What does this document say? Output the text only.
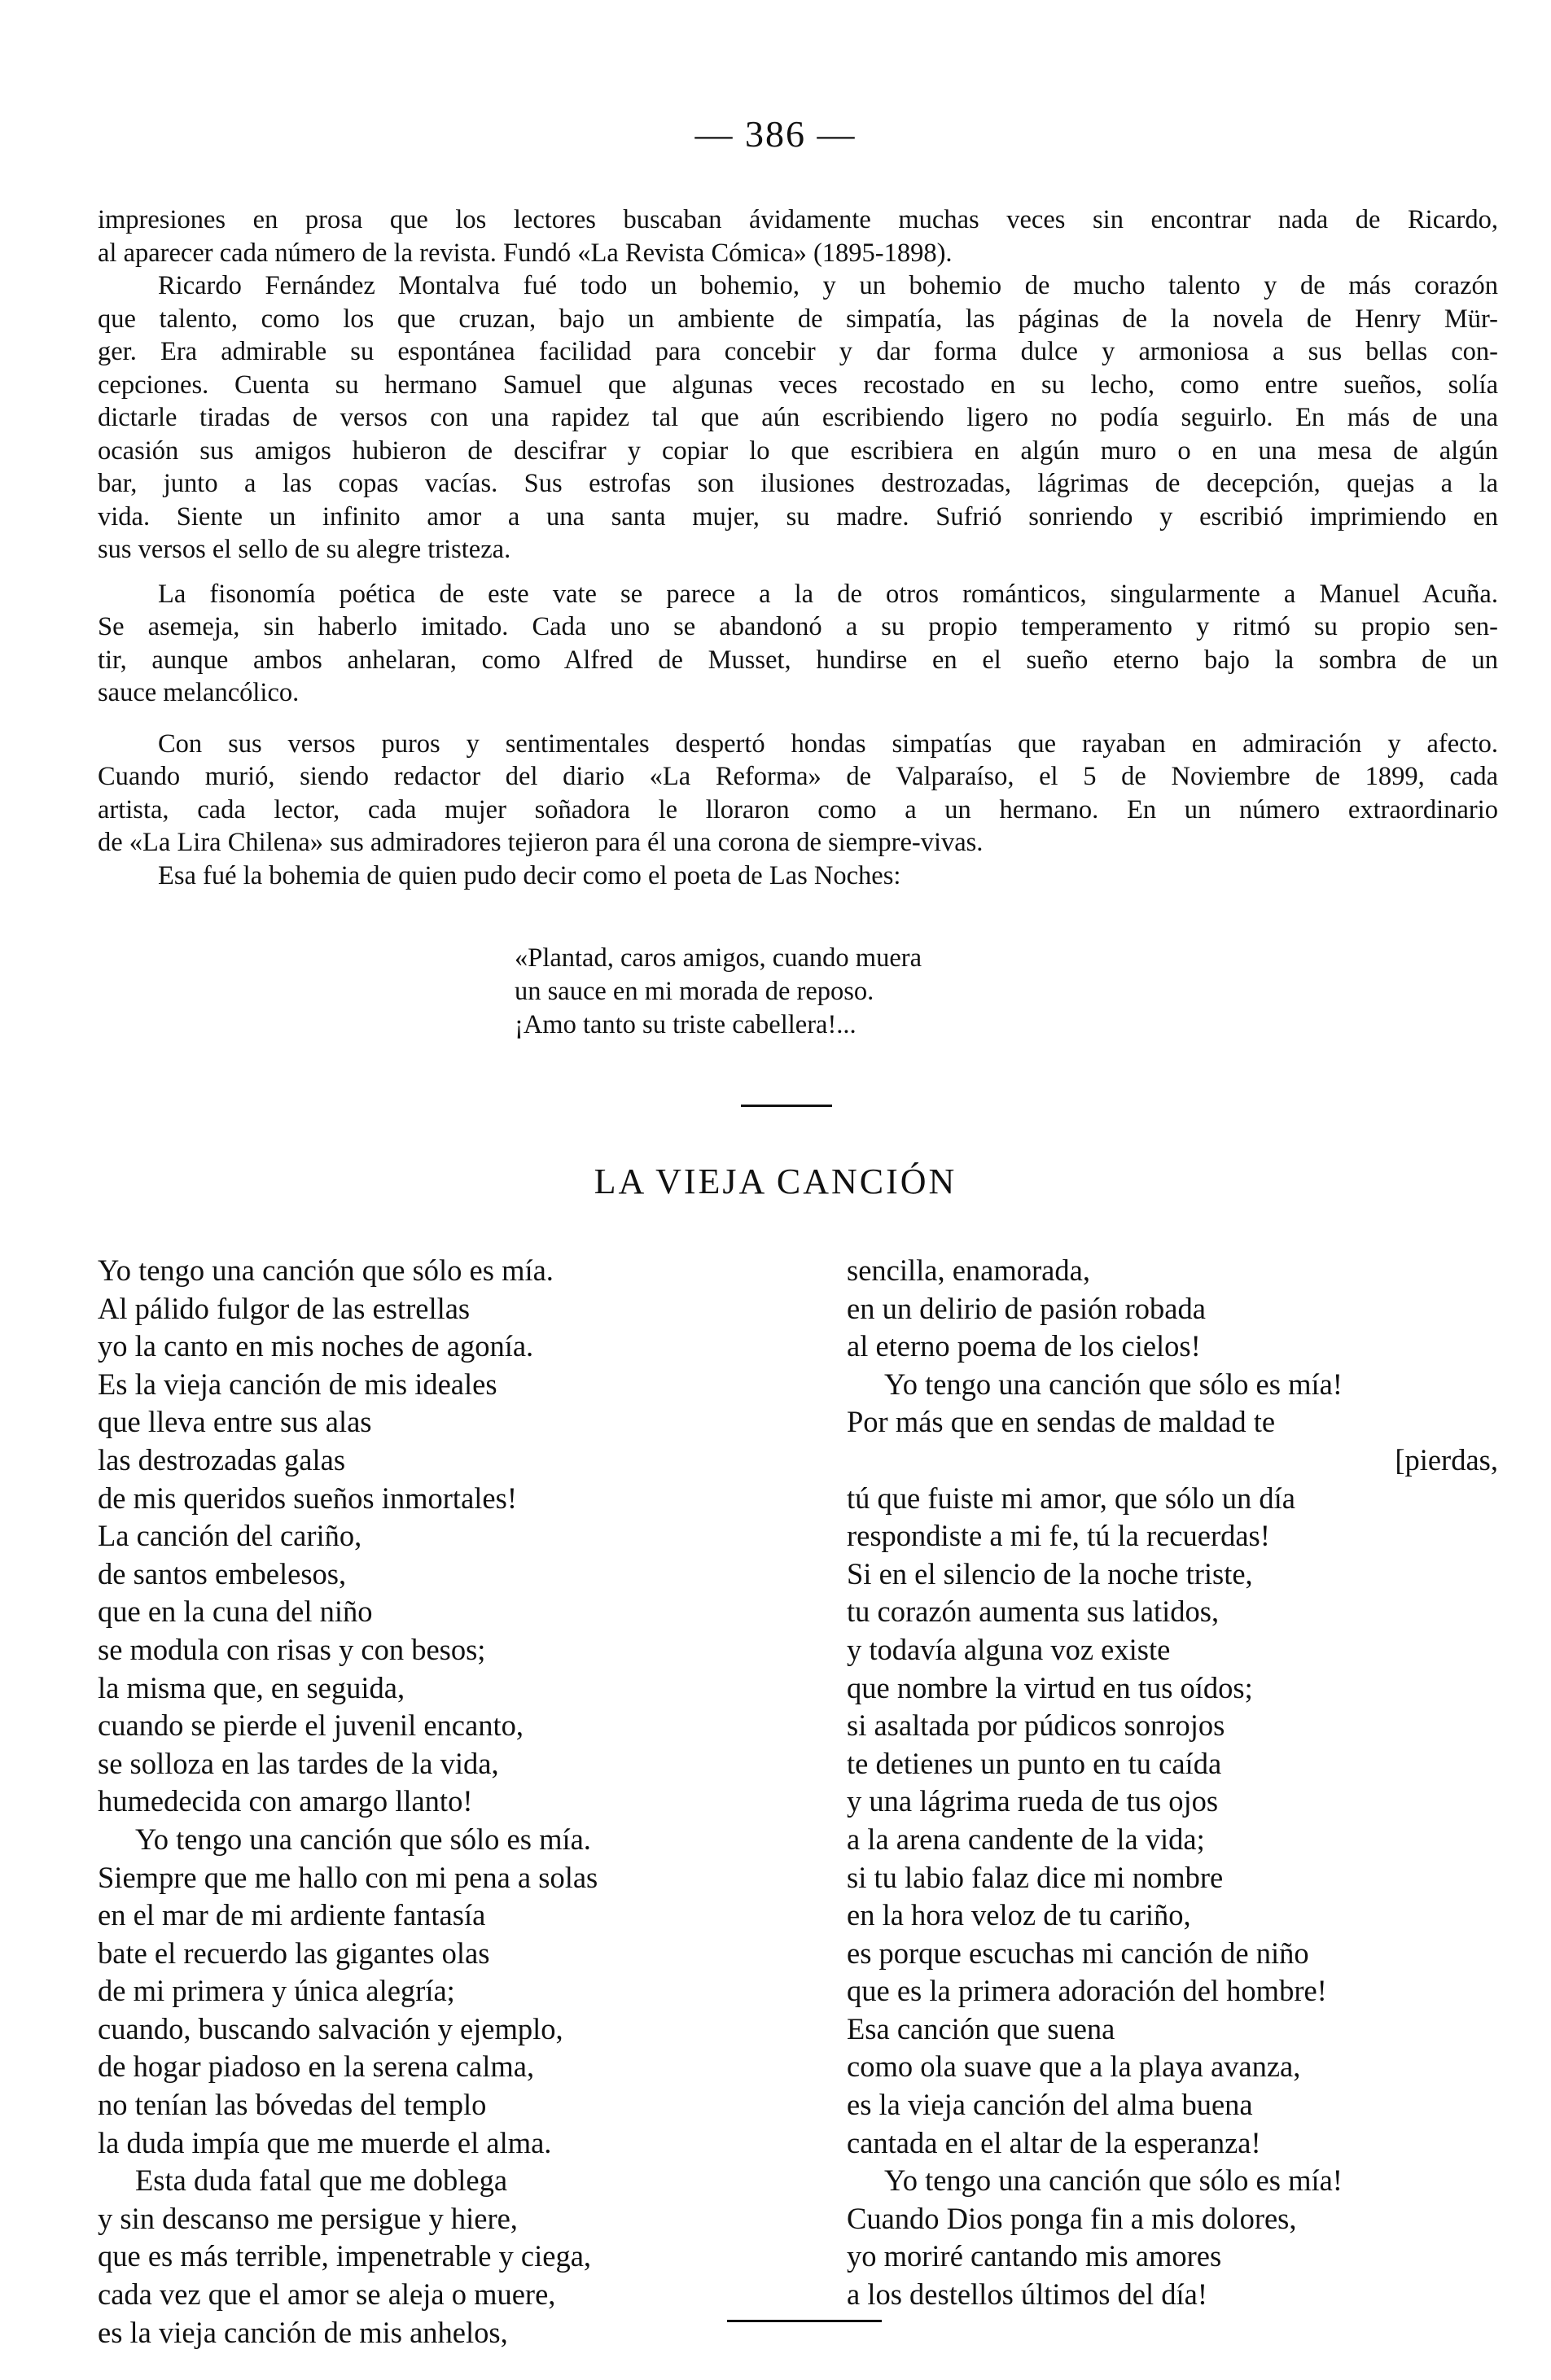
— 386 —
impresiones en prosa que los lectores buscaban ávidamente muchas veces sin encontrar nada de Ricardo,
al aparecer cada número de la revista. Fundó «La Revista Cómica» (1895-1898).
Ricardo Fernández Montalva fué todo un bohemio, y un bohemio de mucho talento y de más corazón
que talento, como los que cruzan, bajo un ambiente de simpatía, las páginas de la novela de Henry Mür-
ger. Era admirable su espontánea facilidad para concebir y dar forma dulce y armoniosa a sus bellas con-
cepciones. Cuenta su hermano Samuel que algunas veces recostado en su lecho, como entre sueños, solía
dictarle tiradas de versos con una rapidez tal que aún escribiendo ligero no podía seguirlo. En más de una
ocasión sus amigos hubieron de descifrar y copiar lo que escribiera en algún muro o en una mesa de algún
bar, junto a las copas vacías. Sus estrofas son ilusiones destrozadas, lágrimas de decepción, quejas a la
vida. Siente un infinito amor a una santa mujer, su madre. Sufrió sonriendo y escribió imprimiendo en
sus versos el sello de su alegre tristeza.
La fisonomía poética de este vate se parece a la de otros románticos, singularmente a Manuel Acuña.
Se asemeja, sin haberlo imitado. Cada uno se abandonó a su propio temperamento y ritmó su propio sen-
tir, aunque ambos anhelaran, como Alfred de Musset, hundirse en el sueño eterno bajo la sombra de un
sauce melancólico.
Con sus versos puros y sentimentales despertó hondas simpatías que rayaban en admiración y afecto.
Cuando murió, siendo redactor del diario «La Reforma» de Valparaíso, el 5 de Noviembre de 1899, cada
artista, cada lector, cada mujer soñadora le lloraron como a un hermano. En un número extraordinario
de «La Lira Chilena» sus admiradores tejieron para él una corona de siempre-vivas.
Esa fué la bohemia de quien pudo decir como el poeta de Las Noches:
«Plantad, caros amigos, cuando muera
un sauce en mi morada de reposo.
¡Amo tanto su triste cabellera!...
LA VIEJA CANCIÓN
Yo tengo una canción que sólo es mía.
Al pálido fulgor de las estrellas
yo la canto en mis noches de agonía.
Es la vieja canción de mis ideales
que lleva entre sus alas
las destrozadas galas
de mis queridos sueños inmortales!
La canción del cariño,
de santos embelesos,
que en la cuna del niño
se modula con risas y con besos;
la misma que, en seguida,
cuando se pierde el juvenil encanto,
se solloza en las tardes de la vida,
humedecida con amargo llanto!
Yo tengo una canción que sólo es mía.
Siempre que me hallo con mi pena a solas
en el mar de mi ardiente fantasía
bate el recuerdo las gigantes olas
de mi primera y única alegría;
cuando, buscando salvación y ejemplo,
de hogar piadoso en la serena calma,
no tenían las bóvedas del templo
la duda impía que me muerde el alma.
Esta duda fatal que me doblega
y sin descanso me persigue y hiere,
que es más terrible, impenetrable y ciega,
cada vez que el amor se aleja o muere,
es la vieja canción de mis anhelos,
sencilla, enamorada,
en un delirio de pasión robada
al eterno poema de los cielos!
Yo tengo una canción que sólo es mía!
Por más que en sendas de maldad te
[pierdas,
tú que fuiste mi amor, que sólo un día
respondiste a mi fe, tú la recuerdas!
Si en el silencio de la noche triste,
tu corazón aumenta sus latidos,
y todavía alguna voz existe
que nombre la virtud en tus oídos;
si asaltada por púdicos sonrojos
te detienes un punto en tu caída
y una lágrima rueda de tus ojos
a la arena candente de la vida;
si tu labio falaz dice mi nombre
en la hora veloz de tu cariño,
es porque escuchas mi canción de niño
que es la primera adoración del hombre!
Esa canción que suena
como ola suave que a la playa avanza,
es la vieja canción del alma buena
cantada en el altar de la esperanza!
Yo tengo una canción que sólo es mía!
Cuando Dios ponga fin a mis dolores,
yo moriré cantando mis amores
a los destellos últimos del día!
